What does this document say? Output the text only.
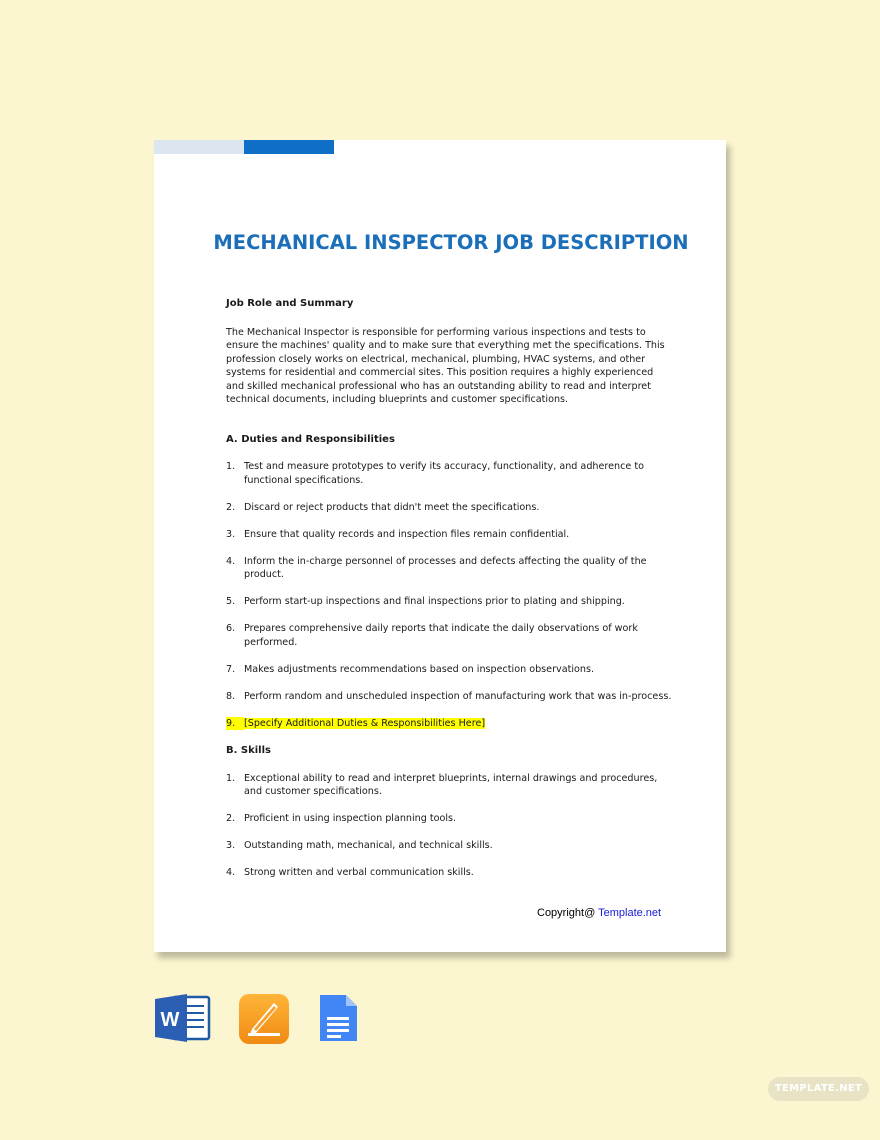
MECHANICAL INSPECTOR JOB DESCRIPTION

Job Role and Summary

The Mechanical Inspector is responsible for performing various inspections and tests to ensure the machines' quality and to make sure that everything met the specifications. This profession closely works on electrical, mechanical, plumbing, HVAC systems, and other systems for residential and commercial sites. This position requires a highly experienced and skilled mechanical professional who has an outstanding ability to read and interpret technical documents, including blueprints and customer specifications.

A. Duties and Responsibilities

1. Test and measure prototypes to verify its accuracy, functionality, and adherence to functional specifications.
2. Discard or reject products that didn't meet the specifications.
3. Ensure that quality records and inspection files remain confidential.
4. Inform the in-charge personnel of processes and defects affecting the quality of the product.
5. Perform start-up inspections and final inspections prior to plating and shipping.
6. Prepares comprehensive daily reports that indicate the daily observations of work performed.
7. Makes adjustments recommendations based on inspection observations.
8. Perform random and unscheduled inspection of manufacturing work that was in-process.
9. [Specify Additional Duties & Responsibilities Here]

B. Skills

1. Exceptional ability to read and interpret blueprints, internal drawings and procedures, and customer specifications.
2. Proficient in using inspection planning tools.
3. Outstanding math, mechanical, and technical skills.
4. Strong written and verbal communication skills.
Copyright@ Template.net
W
TEMPLATE.NET
